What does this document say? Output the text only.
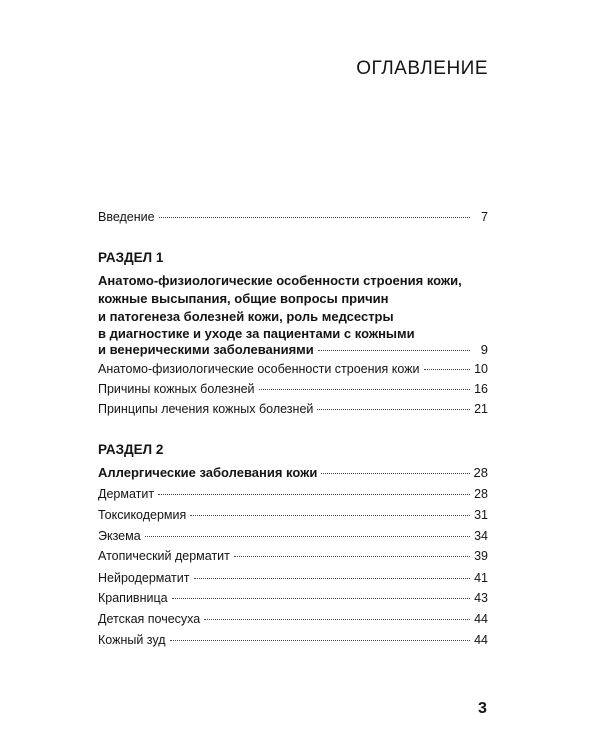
ОГЛАВЛЕНИЕ
Введение	7
РАЗДЕЛ 1
Анатомо-физиологические особенности строения кожи,
кожные высыпания, общие вопросы причин
и патогенеза болезней кожи, роль медсестры
в диагностике и уходе за пациентами с кожными
и венерическими заболеваниями	9
Анатомо-физиологические особенности строения кожи	10
Причины кожных болезней	16
Принципы лечения кожных болезней	21
РАЗДЕЛ 2
Аллергические заболевания кожи	28
Дерматит	28
Токсикодермия	31
Экзема	34
Атопический дерматит	39
Нейродерматит	41
Крапивница	43
Детская почесуха	44
Кожный зуд	44
3
